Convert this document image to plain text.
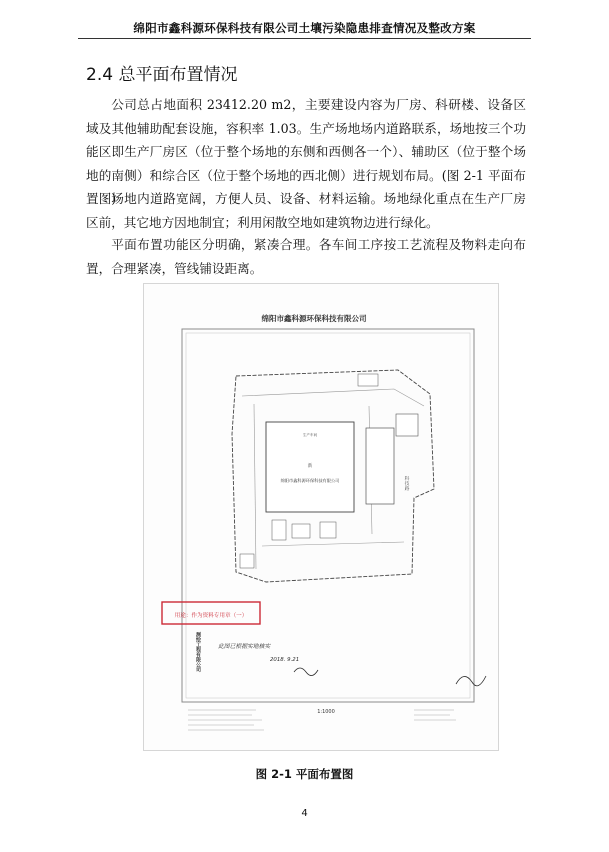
绵阳市鑫科源环保科技有限公司土壤污染隐患排查情况及整改方案
2.4 总平面布置情况

公司总占地面积 23412.20 m2，主要建设内容为厂房、科研楼、设备区域及其他辅助配套设施，容积率 1.03。生产场地场内道路联系，场地按三个功能区即生产厂房区（位于整个场地的东侧和西侧各一个）、辅助区（位于整个场地的南侧）和综合区（位于整个场地的西北侧）进行规划布局。(图 2-1 平面布置图)

场地内道路宽阔，方便人员、设备、材料运输。场地绿化重点在生产厂房区前，其它地方因地制宜；利用闲散空地如建筑物边进行绿化。

平面布置功能区分明确，紧凑合理。各车间工序按工艺流程及物料走向布置，合理紧凑，管线铺设距离。

绵阳市鑫科源环保科技有限公司
生产车间
新
绵阳市鑫科源环保科技有限公司	科技路
用途：作为资料专用章（一）
测绘工程有限公司	此图已根据实地核实
2018. 9.21
1:1000

图 2-1 平面布置图

4
